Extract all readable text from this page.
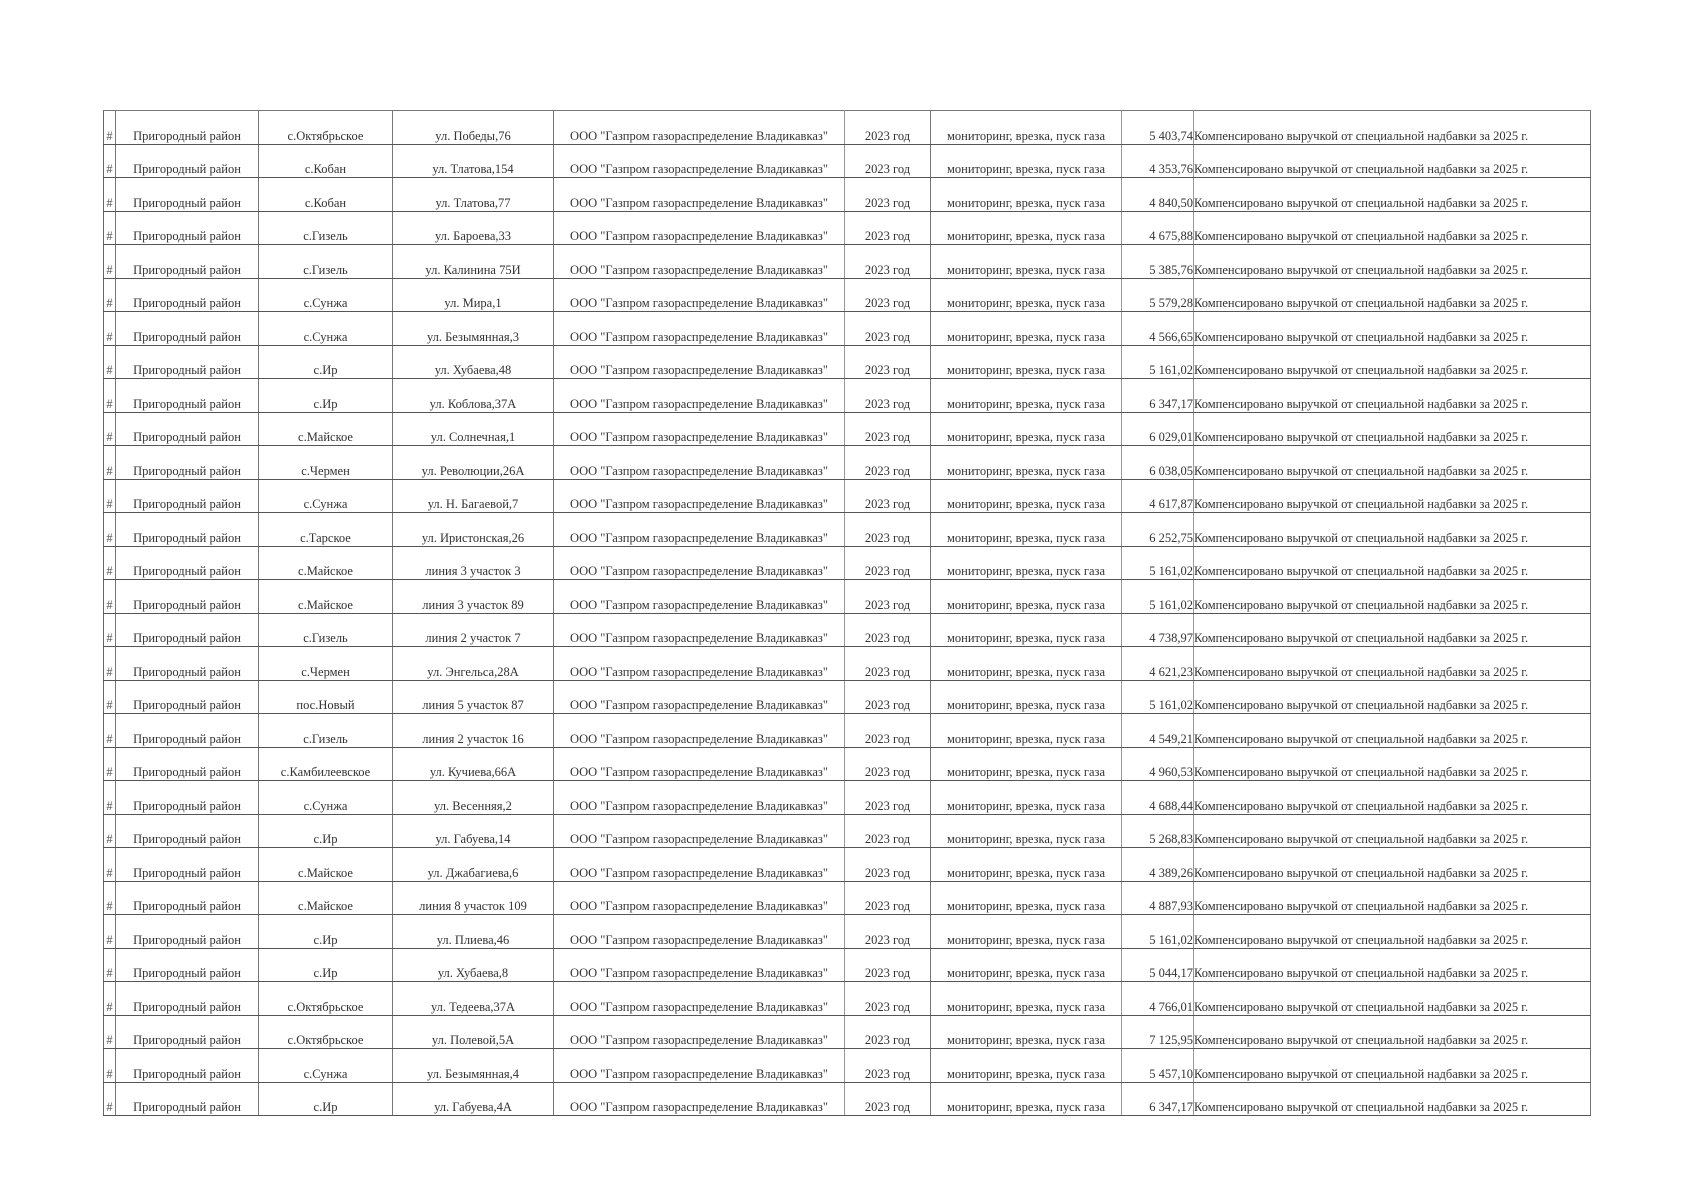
#	Пригородный район	с.Октябрьское	ул. Победы,76	ООО "Газпром газораспределение Владикавказ"	2023 год	мониторинг, врезка, пуск газа	5 403,74	Компенсировано выручкой от специальной надбавки за 2025 г.
#	Пригородный район	с.Кобан	ул. Тлатова,154	ООО "Газпром газораспределение Владикавказ"	2023 год	мониторинг, врезка, пуск газа	4 353,76	Компенсировано выручкой от специальной надбавки за 2025 г.
#	Пригородный район	с.Кобан	ул. Тлатова,77	ООО "Газпром газораспределение Владикавказ"	2023 год	мониторинг, врезка, пуск газа	4 840,50	Компенсировано выручкой от специальной надбавки за 2025 г.
#	Пригородный район	с.Гизель	ул. Бароева,33	ООО "Газпром газораспределение Владикавказ"	2023 год	мониторинг, врезка, пуск газа	4 675,88	Компенсировано выручкой от специальной надбавки за 2025 г.
#	Пригородный район	с.Гизель	ул. Калинина 75И	ООО "Газпром газораспределение Владикавказ"	2023 год	мониторинг, врезка, пуск газа	5 385,76	Компенсировано выручкой от специальной надбавки за 2025 г.
#	Пригородный район	с.Сунжа	ул. Мира,1	ООО "Газпром газораспределение Владикавказ"	2023 год	мониторинг, врезка, пуск газа	5 579,28	Компенсировано выручкой от специальной надбавки за 2025 г.
#	Пригородный район	с.Сунжа	ул. Безымянная,3	ООО "Газпром газораспределение Владикавказ"	2023 год	мониторинг, врезка, пуск газа	4 566,65	Компенсировано выручкой от специальной надбавки за 2025 г.
#	Пригородный район	с.Ир	ул. Хубаева,48	ООО "Газпром газораспределение Владикавказ"	2023 год	мониторинг, врезка, пуск газа	5 161,02	Компенсировано выручкой от специальной надбавки за 2025 г.
#	Пригородный район	с.Ир	ул. Коблова,37А	ООО "Газпром газораспределение Владикавказ"	2023 год	мониторинг, врезка, пуск газа	6 347,17	Компенсировано выручкой от специальной надбавки за 2025 г.
#	Пригородный район	с.Майское	ул. Солнечная,1	ООО "Газпром газораспределение Владикавказ"	2023 год	мониторинг, врезка, пуск газа	6 029,01	Компенсировано выручкой от специальной надбавки за 2025 г.
#	Пригородный район	с.Чермен	ул. Революции,26А	ООО "Газпром газораспределение Владикавказ"	2023 год	мониторинг, врезка, пуск газа	6 038,05	Компенсировано выручкой от специальной надбавки за 2025 г.
#	Пригородный район	с.Сунжа	ул. Н. Багаевой,7	ООО "Газпром газораспределение Владикавказ"	2023 год	мониторинг, врезка, пуск газа	4 617,87	Компенсировано выручкой от специальной надбавки за 2025 г.
#	Пригородный район	с.Тарское	ул. Иристонская,26	ООО "Газпром газораспределение Владикавказ"	2023 год	мониторинг, врезка, пуск газа	6 252,75	Компенсировано выручкой от специальной надбавки за 2025 г.
#	Пригородный район	с.Майское	линия 3 участок 3	ООО "Газпром газораспределение Владикавказ"	2023 год	мониторинг, врезка, пуск газа	5 161,02	Компенсировано выручкой от специальной надбавки за 2025 г.
#	Пригородный район	с.Майское	линия 3 участок 89	ООО "Газпром газораспределение Владикавказ"	2023 год	мониторинг, врезка, пуск газа	5 161,02	Компенсировано выручкой от специальной надбавки за 2025 г.
#	Пригородный район	с.Гизель	линия 2 участок 7	ООО "Газпром газораспределение Владикавказ"	2023 год	мониторинг, врезка, пуск газа	4 738,97	Компенсировано выручкой от специальной надбавки за 2025 г.
#	Пригородный район	с.Чермен	ул. Энгельса,28А	ООО "Газпром газораспределение Владикавказ"	2023 год	мониторинг, врезка, пуск газа	4 621,23	Компенсировано выручкой от специальной надбавки за 2025 г.
#	Пригородный район	пос.Новый	линия 5 участок 87	ООО "Газпром газораспределение Владикавказ"	2023 год	мониторинг, врезка, пуск газа	5 161,02	Компенсировано выручкой от специальной надбавки за 2025 г.
#	Пригородный район	с.Гизель	линия 2 участок 16	ООО "Газпром газораспределение Владикавказ"	2023 год	мониторинг, врезка, пуск газа	4 549,21	Компенсировано выручкой от специальной надбавки за 2025 г.
#	Пригородный район	с.Камбилеевское	ул. Кучиева,66А	ООО "Газпром газораспределение Владикавказ"	2023 год	мониторинг, врезка, пуск газа	4 960,53	Компенсировано выручкой от специальной надбавки за 2025 г.
#	Пригородный район	с.Сунжа	ул. Весенняя,2	ООО "Газпром газораспределение Владикавказ"	2023 год	мониторинг, врезка, пуск газа	4 688,44	Компенсировано выручкой от специальной надбавки за 2025 г.
#	Пригородный район	с.Ир	ул. Габуева,14	ООО "Газпром газораспределение Владикавказ"	2023 год	мониторинг, врезка, пуск газа	5 268,83	Компенсировано выручкой от специальной надбавки за 2025 г.
#	Пригородный район	с.Майское	ул. Джабагиева,6	ООО "Газпром газораспределение Владикавказ"	2023 год	мониторинг, врезка, пуск газа	4 389,26	Компенсировано выручкой от специальной надбавки за 2025 г.
#	Пригородный район	с.Майское	линия 8 участок 109	ООО "Газпром газораспределение Владикавказ"	2023 год	мониторинг, врезка, пуск газа	4 887,93	Компенсировано выручкой от специальной надбавки за 2025 г.
#	Пригородный район	с.Ир	ул. Плиева,46	ООО "Газпром газораспределение Владикавказ"	2023 год	мониторинг, врезка, пуск газа	5 161,02	Компенсировано выручкой от специальной надбавки за 2025 г.
#	Пригородный район	с.Ир	ул. Хубаева,8	ООО "Газпром газораспределение Владикавказ"	2023 год	мониторинг, врезка, пуск газа	5 044,17	Компенсировано выручкой от специальной надбавки за 2025 г.
#	Пригородный район	с.Октябрьское	ул. Тедеева,37А	ООО "Газпром газораспределение Владикавказ"	2023 год	мониторинг, врезка, пуск газа	4 766,01	Компенсировано выручкой от специальной надбавки за 2025 г.
#	Пригородный район	с.Октябрьское	ул. Полевой,5А	ООО "Газпром газораспределение Владикавказ"	2023 год	мониторинг, врезка, пуск газа	7 125,95	Компенсировано выручкой от специальной надбавки за 2025 г.
#	Пригородный район	с.Сунжа	ул. Безымянная,4	ООО "Газпром газораспределение Владикавказ"	2023 год	мониторинг, врезка, пуск газа	5 457,10	Компенсировано выручкой от специальной надбавки за 2025 г.
#	Пригородный район	с.Ир	ул. Габуева,4А	ООО "Газпром газораспределение Владикавказ"	2023 год	мониторинг, врезка, пуск газа	6 347,17	Компенсировано выручкой от специальной надбавки за 2025 г.
